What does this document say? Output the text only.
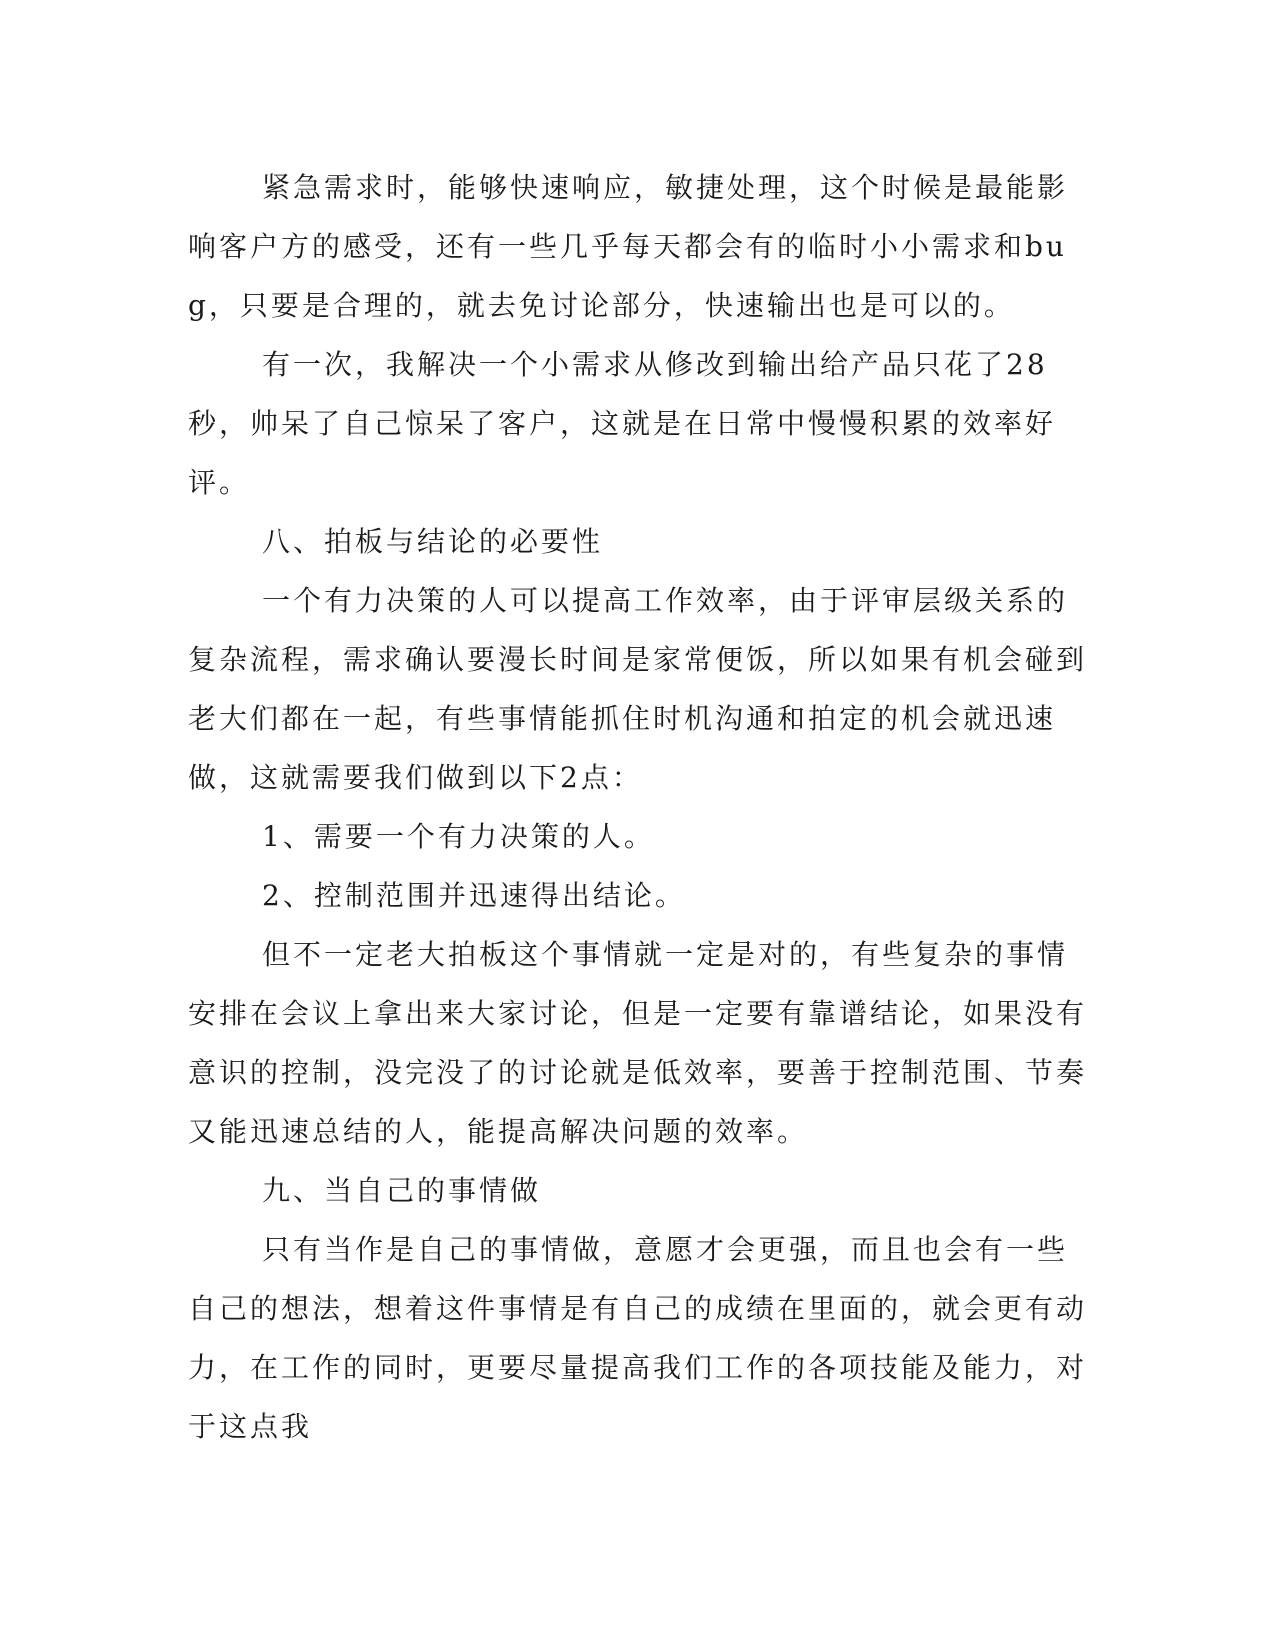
紧急需求时，能够快速响应，敏捷处理，这个时候是最能影响客户方的感受，还有一些几乎每天都会有的临时小小需求和bug，只要是合理的，就去免讨论部分，快速输出也是可以的。

有一次，我解决一个小需求从修改到输出给产品只花了28秒，帅呆了自己惊呆了客户，这就是在日常中慢慢积累的效率好评。

八、拍板与结论的必要性

一个有力决策的人可以提高工作效率，由于评审层级关系的复杂流程，需求确认要漫长时间是家常便饭，所以如果有机会碰到老大们都在一起，有些事情能抓住时机沟通和拍定的机会就迅速做，这就需要我们做到以下2点：

1、需要一个有力决策的人。

2、控制范围并迅速得出结论。

但不一定老大拍板这个事情就一定是对的，有些复杂的事情安排在会议上拿出来大家讨论，但是一定要有靠谱结论，如果没有意识的控制，没完没了的讨论就是低效率，要善于控制范围、节奏又能迅速总结的人，能提高解决问题的效率。

九、当自己的事情做

只有当作是自己的事情做，意愿才会更强，而且也会有一些自己的想法，想着这件事情是有自己的成绩在里面的，就会更有动力，在工作的同时，更要尽量提高我们工作的各项技能及能力，对于这点我
